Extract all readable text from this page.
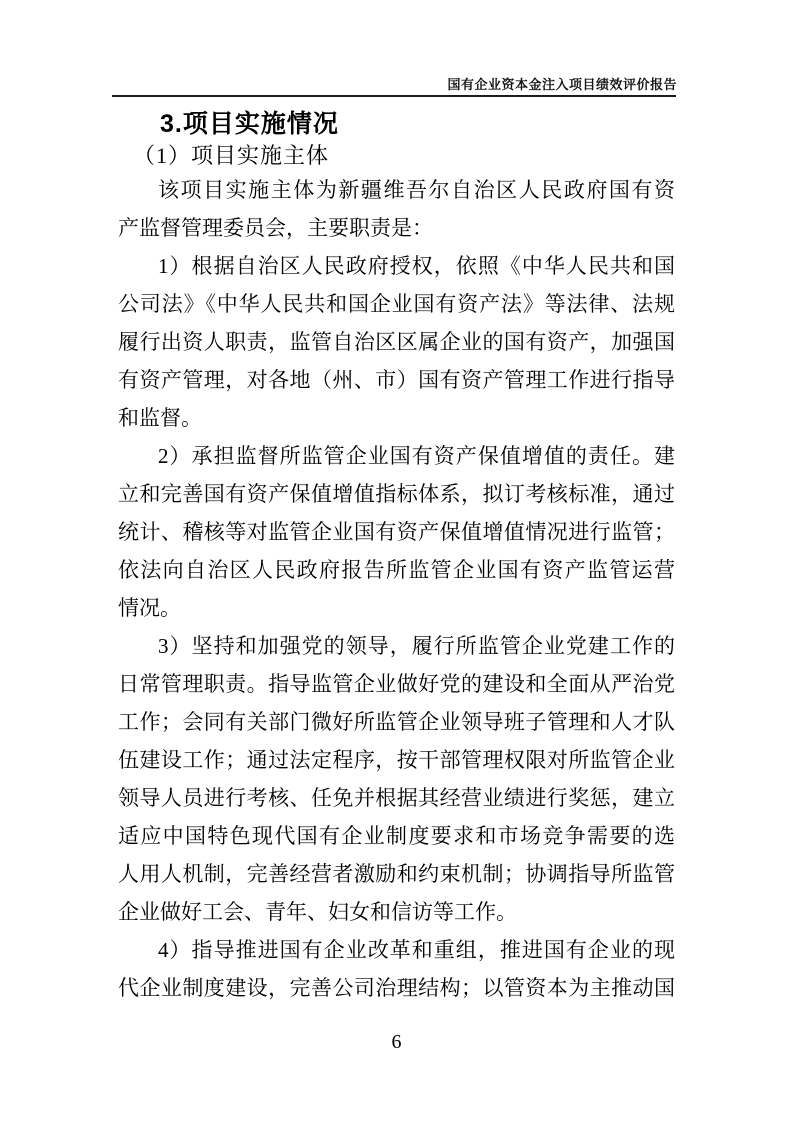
国有企业资本金注入项目绩效评价报告
3.项目实施情况
（1）项目实施主体
该项目实施主体为新疆维吾尔自治区人民政府国有资
产监督管理委员会，主要职责是：
1）根据自治区人民政府授权，依照《中华人民共和国
公司法》《中华人民共和国企业国有资产法》等法律、法规
履行出资人职责，监管自治区区属企业的国有资产，加强国
有资产管理，对各地（州、市）国有资产管理工作进行指导
和监督。
2）承担监督所监管企业国有资产保值增值的责任。建
立和完善国有资产保值增值指标体系，拟订考核标准，通过
统计、稽核等对监管企业国有资产保值增值情况进行监管；
依法向自治区人民政府报告所监管企业国有资产监管运营
情况。
3）坚持和加强党的领导，履行所监管企业党建工作的
日常管理职责。指导监管企业做好党的建设和全面从严治党
工作；会同有关部门微好所监管企业领导班子管理和人才队
伍建设工作；通过法定程序，按干部管理权限对所监管企业
领导人员进行考核、任免并根据其经营业绩进行奖惩，建立
适应中国特色现代国有企业制度要求和市场竞争需要的选
人用人机制，完善经营者激励和约束机制；协调指导所监管
企业做好工会、青年、妇女和信访等工作。
4）指导推进国有企业改革和重组，推进国有企业的现
代企业制度建设，完善公司治理结构；以管资本为主推动国
6
